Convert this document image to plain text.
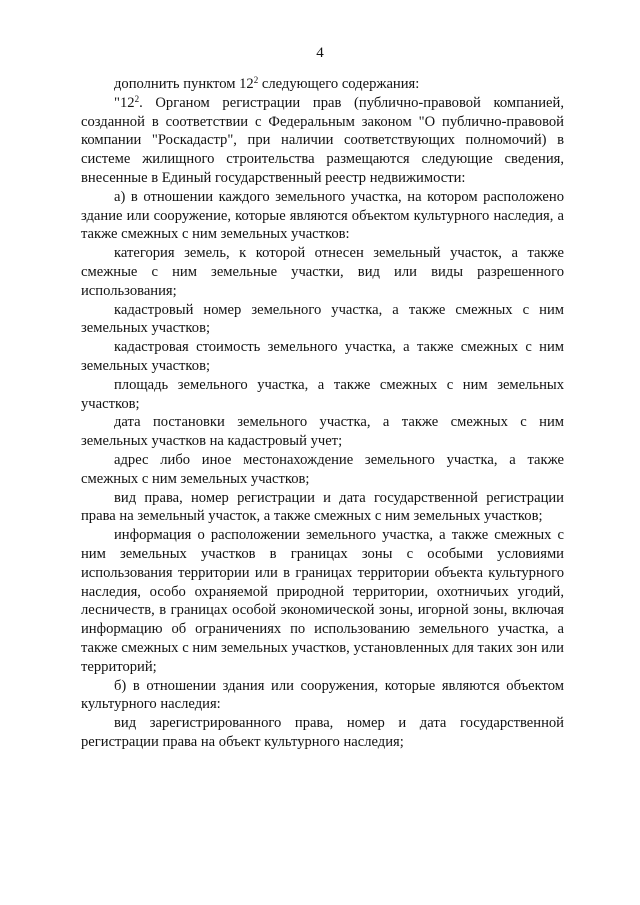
4

дополнить пунктом $12^2$ следующего содержания:

"$12^2$. Органом регистрации прав (публично-правовой компанией, созданной в соответствии с Федеральным законом "О публично-правовой компании "Роскадастр", при наличии соответствующих полномочий) в системе жилищного строительства размещаются следующие сведения, внесенные в Единый государственный реестр недвижимости:

а) в отношении каждого земельного участка, на котором расположено здание или сооружение, которые являются объектом культурного наследия, а также смежных с ним земельных участков:

категория земель, к которой отнесен земельный участок, а также смежные с ним земельные участки, вид или виды разрешенного использования;

кадастровый номер земельного участка, а также смежных с ним земельных участков;

кадастровая стоимость земельного участка, а также смежных с ним земельных участков;

площадь земельного участка, а также смежных с ним земельных участков;

дата постановки земельного участка, а также смежных с ним земельных участков на кадастровый учет;

адрес либо иное местонахождение земельного участка, а также смежных с ним земельных участков;

вид права, номер регистрации и дата государственной регистрации права на земельный участок, а также смежных с ним земельных участков;

информация о расположении земельного участка, а также смежных с ним земельных участков в границах зоны с особыми условиями использования территории или в границах территории объекта культурного наследия, особо охраняемой природной территории, охотничьих угодий, лесничеств, в границах особой экономической зоны, игорной зоны, включая информацию об ограничениях по использованию земельного участка, а также смежных с ним земельных участков, установленных для таких зон или территорий;

б) в отношении здания или сооружения, которые являются объектом культурного наследия:

вид зарегистрированного права, номер и дата государственной регистрации права на объект культурного наследия;
